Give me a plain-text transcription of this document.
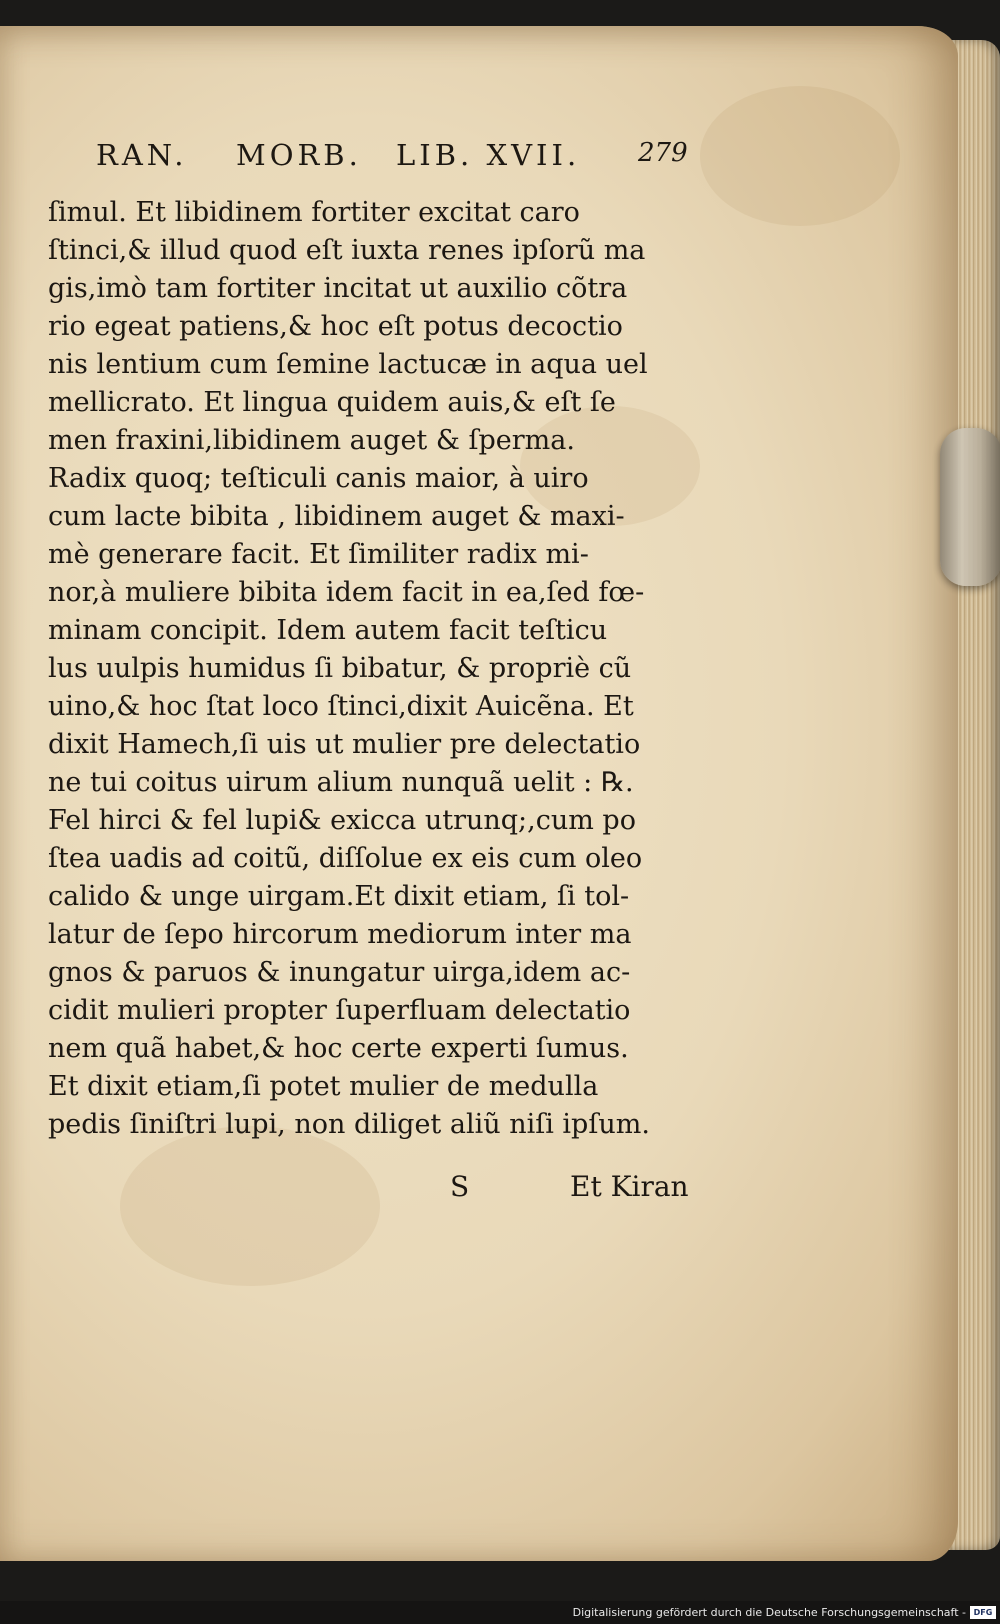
RAN. MORB. LIB. XVII. 279
ſimul. Et libidinem fortiter excitat caro
ſtinci,& illud quod eſt iuxta renes ipſorũ ma
gis,imò tam fortiter incitat ut auxilio cõtra
rio egeat patiens,& hoc eſt potus decoctio
nis lentium cum ſemine lactucæ in aqua uel
mellicrato. Et lingua quidem auis,& eſt ſe
men fraxini,libidinem auget & ſperma.
Radix quoq; teſticuli canis maior, à uiro
cum lacte bibita , libidinem auget & maxi-
mè generare facit. Et ſimiliter radix mi-
nor,à muliere bibita idem facit in ea,ſed fœ-
minam concipit. Idem autem facit teſticu
lus uulpis humidus ſi bibatur, & propriè cũ
uino,& hoc ſtat loco ſtinci,dixit Auicẽna. Et
dixit Hamech,ſi uis ut mulier pre delectatio
ne tui coitus uirum alium nunquã uelit : ℞.
Fel hirci & fel lupi& exicca utrunq;,cum po
ſtea uadis ad coitũ, diſſolue ex eis cum oleo
calido & unge uirgam.Et dixit etiam, ſi tol-
latur de ſepo hircorum mediorum inter ma
gnos & paruos & inungatur uirga,idem ac-
cidit mulieri propter ſuperfluam delectatio
nem quã habet,& hoc certe experti ſumus.
Et dixit etiam,ſi potet mulier de medulla
pedis ſiniſtri lupi, non diliget aliũ niſi ipſum.
S	Et Kiran
Digitalisierung gefördert durch die Deutsche Forschungsgemeinschaft - DFG
